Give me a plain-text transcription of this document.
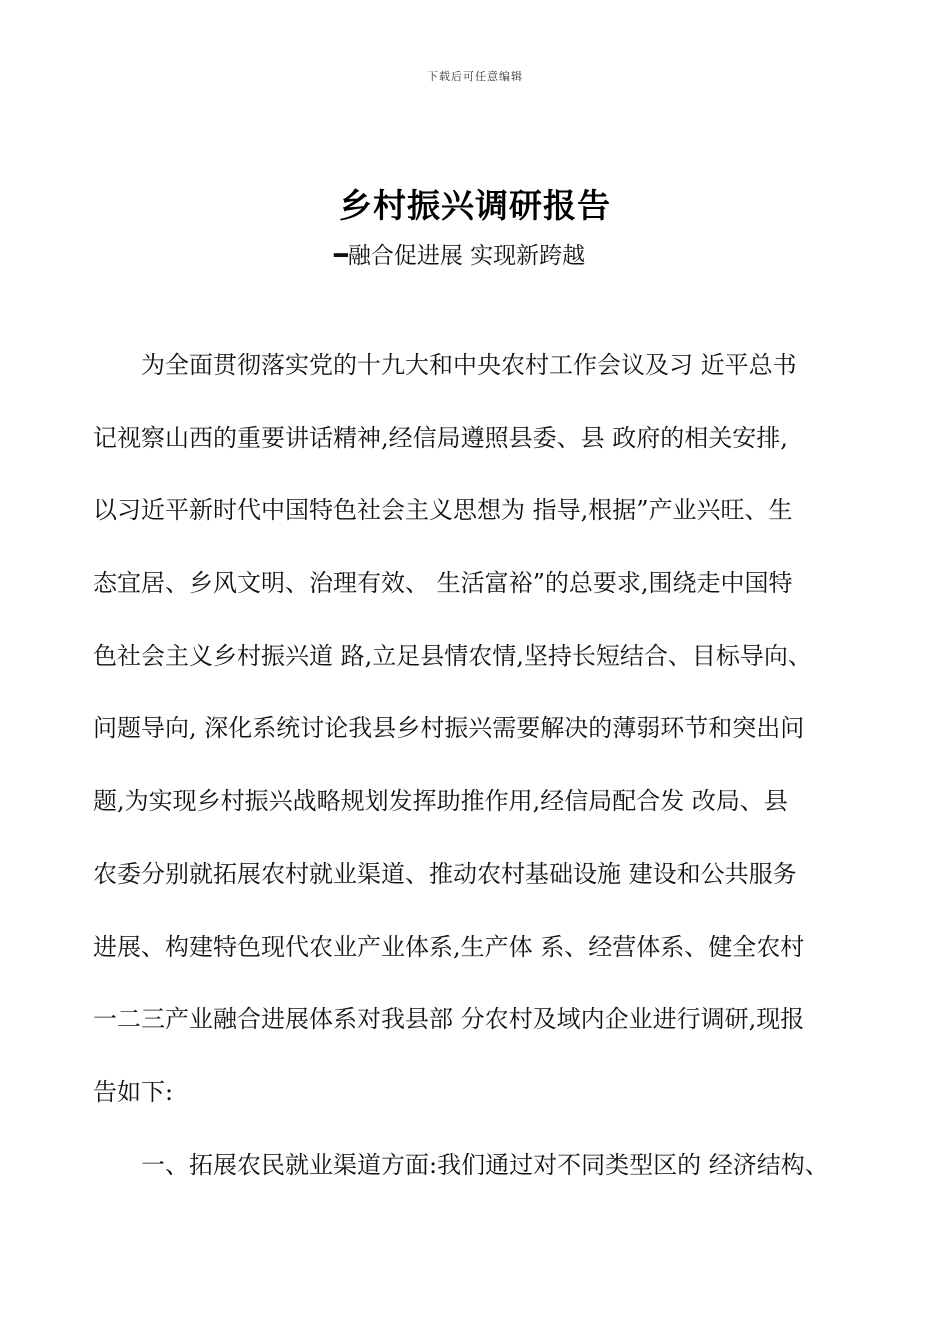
下载后可任意编辑
乡村振兴调研报告
━融合促进展 实现新跨越
为全面贯彻落实党的十九大和中央农村工作会议及习 近平总书
记视察山西的重要讲话精神,经信局遵照县委、县 政府的相关安排,
以习近平新时代中国特色社会主义思想为 指导,根据”产业兴旺、生
态宜居、乡风文明、治理有效、 生活富裕”的总要求,围绕走中国特
色社会主义乡村振兴道 路,立足县情农情,坚持长短结合、目标导向、
问题导向, 深化系统讨论我县乡村振兴需要解决的薄弱环节和突出问
题,为实现乡村振兴战略规划发挥助推作用,经信局配合发 改局、县
农委分别就拓展农村就业渠道、推动农村基础设施 建设和公共服务
进展、构建特色现代农业产业体系,生产体 系、经营体系、健全农村
一二三产业融合进展体系对我县部 分农村及域内企业进行调研,现报
告如下:
一、拓展农民就业渠道方面:我们通过对不同类型区的 经济结构、
